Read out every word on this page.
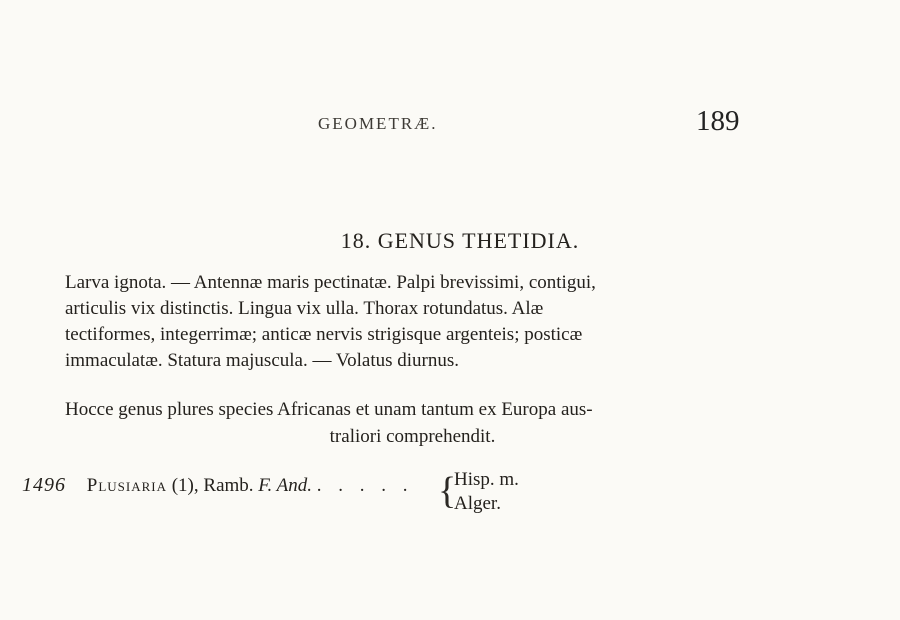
GEOMETRÆ.	189
18. GENUS THETIDIA.
Larva ignota. — Antennæ maris pectinatæ. Palpi brevissimi, contigui,
articulis vix distinctis. Lingua vix ulla. Thorax rotundatus. Alæ
tectiformes, integerrimæ; anticæ nervis strigisque argenteis; posticæ
immaculatæ. Statura majuscula. — Volatus diurnus.
Hocce genus plures species Africanas et unam tantum ex Europa aus-
traliori comprehendit.
1496 Plusiaria (1), Ramb. F. And. . . . . . {
Hisp. m.
Alger.
